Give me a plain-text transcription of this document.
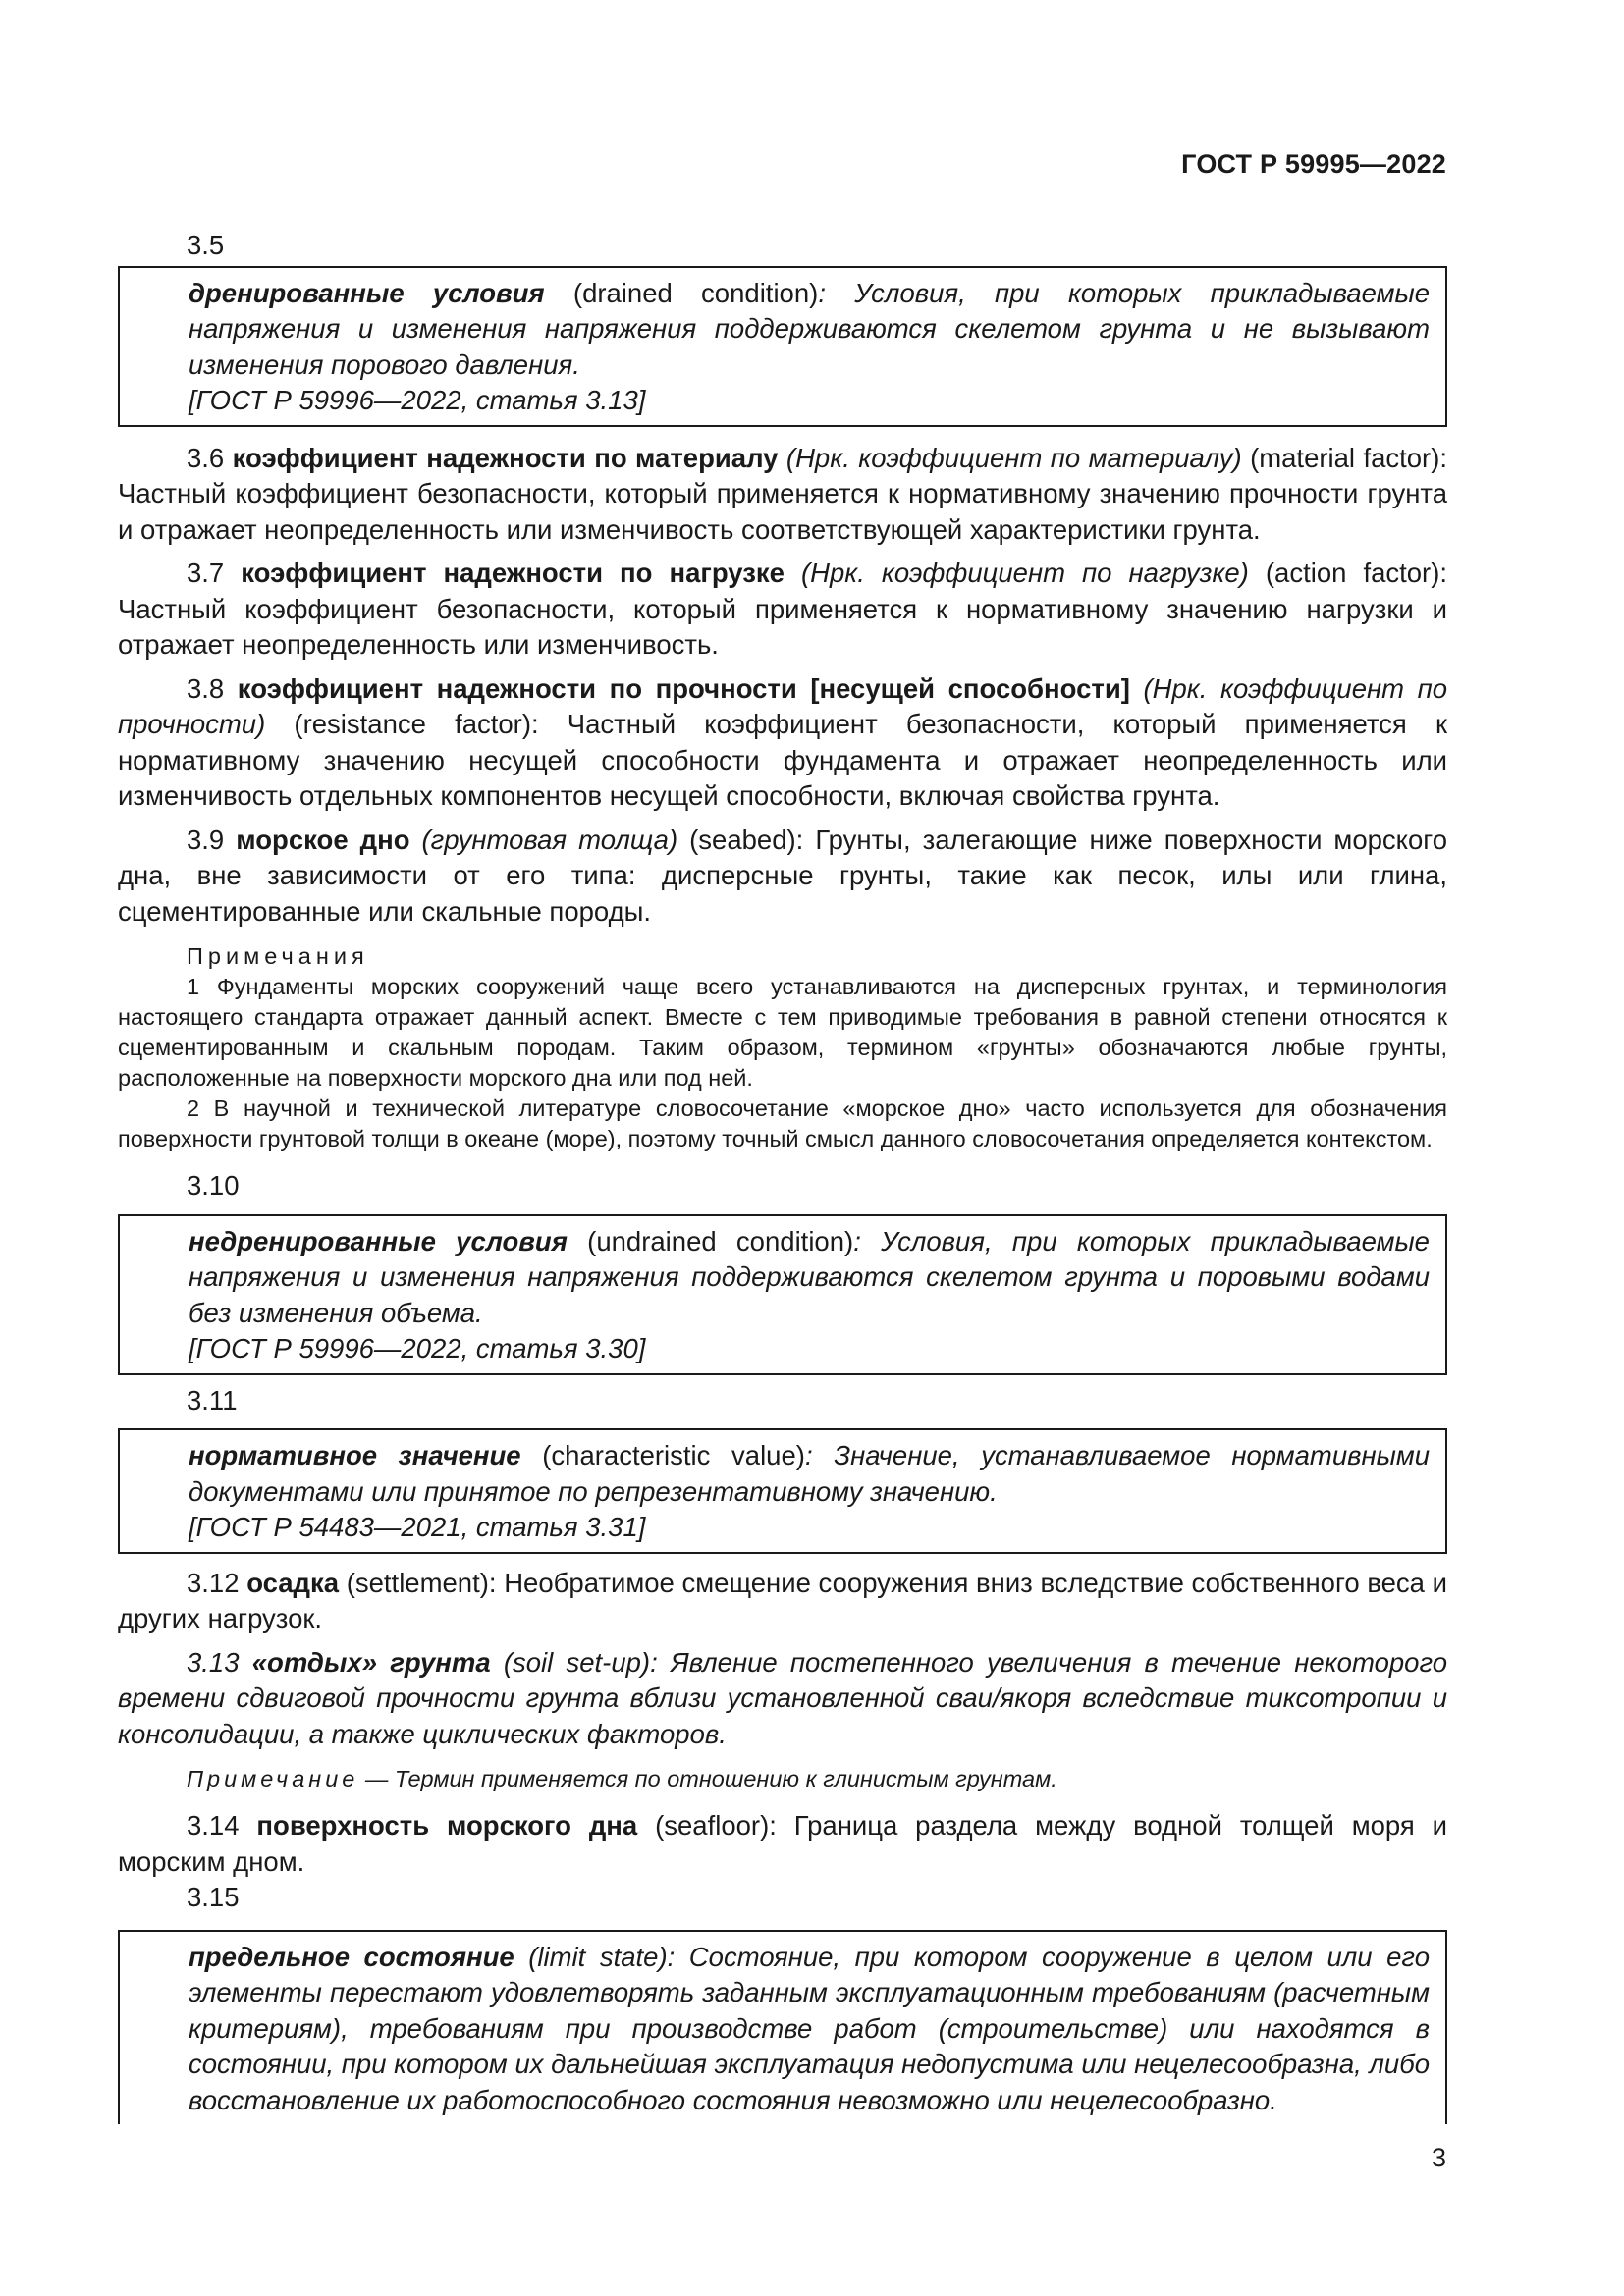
ГОСТ Р 59995—2022
3.5
дренированные условия (drained condition): Условия, при которых прикладываемые напряжения и изменения напряжения поддерживаются скелетом грунта и не вызывают изменения порового давления.
[ГОСТ Р 59996—2022, статья 3.13]
3.6 коэффициент надежности по материалу (Нрк. коэффициент по материалу) (material factor): Частный коэффициент безопасности, который применяется к нормативному значению прочности грунта и отражает неопределенность или изменчивость соответствующей характеристики грунта.
3.7 коэффициент надежности по нагрузке (Нрк. коэффициент по нагрузке) (action factor): Частный коэффициент безопасности, который применяется к нормативному значению нагрузки и отражает неопределенность или изменчивость.
3.8 коэффициент надежности по прочности [несущей способности] (Нрк. коэффициент по прочности) (resistance factor): Частный коэффициент безопасности, который применяется к нормативному значению несущей способности фундамента и отражает неопределенность или изменчивость отдельных компонентов несущей способности, включая свойства грунта.
3.9 морское дно (грунтовая толща) (seabed): Грунты, залегающие ниже поверхности морского дна, вне зависимости от его типа: дисперсные грунты, такие как песок, илы или глина, сцементированные или скальные породы.
Примечания
1 Фундаменты морских сооружений чаще всего устанавливаются на дисперсных грунтах, и терминология настоящего стандарта отражает данный аспект. Вместе с тем приводимые требования в равной степени относятся к сцементированным и скальным породам. Таким образом, термином «грунты» обозначаются любые грунты, расположенные на поверхности морского дна или под ней.
2 В научной и технической литературе словосочетание «морское дно» часто используется для обозначения поверхности грунтовой толщи в океане (море), поэтому точный смысл данного словосочетания определяется контекстом.
3.10
недренированные условия (undrained condition): Условия, при которых прикладываемые напряжения и изменения напряжения поддерживаются скелетом грунта и поровыми водами без изменения объема.
[ГОСТ Р 59996—2022, статья 3.30]
3.11
нормативное значение (characteristic value): Значение, устанавливаемое нормативными документами или принятое по репрезентативному значению.
[ГОСТ Р 54483—2021, статья 3.31]
3.12 осадка (settlement): Необратимое смещение сооружения вниз вследствие собственного веса и других нагрузок.
3.13 «отдых» грунта (soil set-up): Явление постепенного увеличения в течение некоторого времени сдвиговой прочности грунта вблизи установленной сваи/якоря вследствие тиксотропии и консолидации, а также циклических факторов.
Примечание — Термин применяется по отношению к глинистым грунтам.
3.14 поверхность морского дна (seafloor): Граница раздела между водной толщей моря и морским дном.
3.15
предельное состояние (limit state): Состояние, при котором сооружение в целом или его элементы перестают удовлетворять заданным эксплуатационным требованиям (расчетным критериям), требованиям при производстве работ (строительстве) или находятся в состоянии, при котором их дальнейшая эксплуатация недопустима или нецелесообразна, либо восстановление их работоспособного состояния невозможно или нецелесообразно.
3
